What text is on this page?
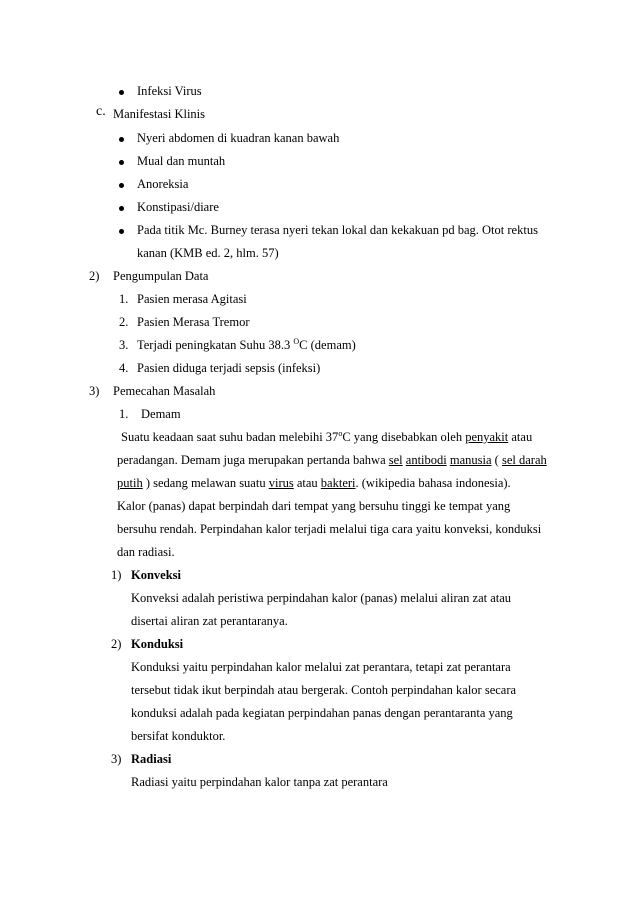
Infeksi Virus
c. Manifestasi Klinis
Nyeri abdomen di kuadran kanan bawah
Mual dan muntah
Anoreksia
Konstipasi/diare
Pada titik Mc. Burney terasa nyeri tekan lokal dan kekakuan pd bag. Otot rektus
kanan (KMB ed. 2, hlm. 57)
2) Pengumpulan Data
1. Pasien merasa Agitasi
2. Pasien Merasa Tremor
3. Terjadi peningkatan Suhu 38.3 $^O$C (demam)
4. Pasien diduga terjadi sepsis (infeksi)
3) Pemecahan Masalah
1. Demam
Suatu keadaan saat suhu badan melebihi 37$^o$C yang disebabkan oleh penyakit atau
peradangan. Demam juga merupakan pertanda bahwa sel antibodi manusia ( sel darah
putih ) sedang melawan suatu virus atau bakteri. (wikipedia bahasa indonesia).
Kalor (panas) dapat berpindah dari tempat yang bersuhu tinggi ke tempat yang
bersuhu rendah. Perpindahan kalor terjadi melalui tiga cara yaitu konveksi, konduksi
dan radiasi.
1) Konveksi
Konveksi adalah peristiwa perpindahan kalor (panas) melalui aliran zat atau
disertai aliran zat perantaranya.
2) Konduksi
Konduksi yaitu perpindahan kalor melalui zat perantara, tetapi zat perantara
tersebut tidak ikut berpindah atau bergerak. Contoh perpindahan kalor secara
konduksi adalah pada kegiatan perpindahan panas dengan perantaranta yang
bersifat konduktor.
3) Radiasi
Radiasi yaitu perpindahan kalor tanpa zat perantara
